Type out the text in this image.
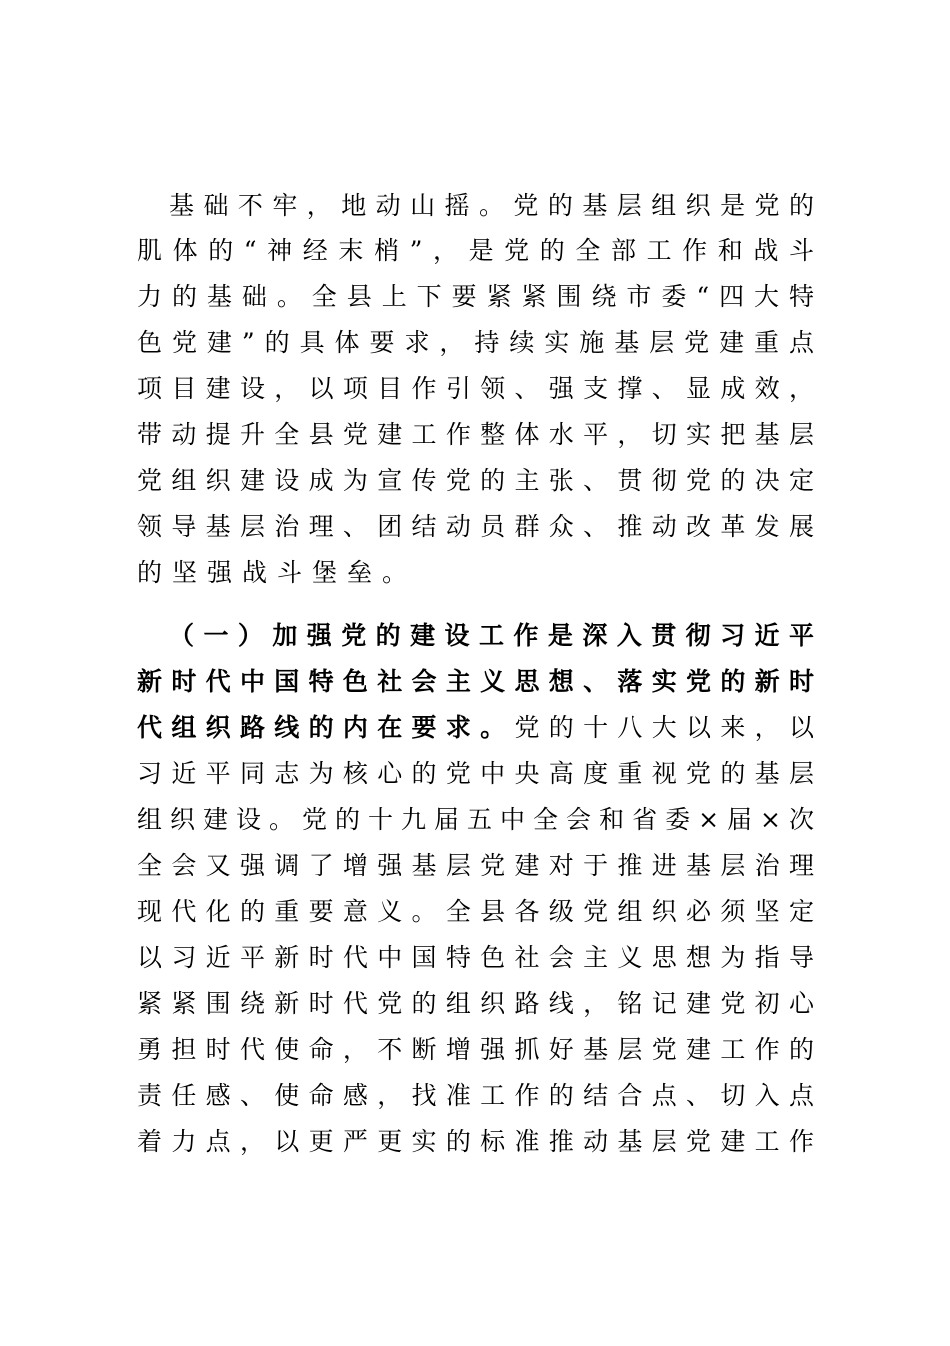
基础不牢，地动山摇。党的基层组织是党的
肌体的“神经末梢”，是党的全部工作和战斗
力的基础。全县上下要紧紧围绕市委“四大特
色党建”的具体要求，持续实施基层党建重点
项目建设，以项目作引领、强支撑、显成效，
带动提升全县党建工作整体水平，切实把基层
党组织建设成为宣传党的主张、贯彻党的决定
领导基层治理、团结动员群众、推动改革发展
的坚强战斗堡垒。
（一）加强党的建设工作是深入贯彻习近平
新时代中国特色社会主义思想、落实党的新时
代组织路线的内在要求。党的十八大以来，以
习近平同志为核心的党中央高度重视党的基层
组织建设。党的十九届五中全会和省委×届×次
全会又强调了增强基层党建对于推进基层治理
现代化的重要意义。全县各级党组织必须坚定
以习近平新时代中国特色社会主义思想为指导
紧紧围绕新时代党的组织路线，铭记建党初心
勇担时代使命，不断增强抓好基层党建工作的
责任感、使命感，找准工作的结合点、切入点
着力点，以更严更实的标准推动基层党建工作
